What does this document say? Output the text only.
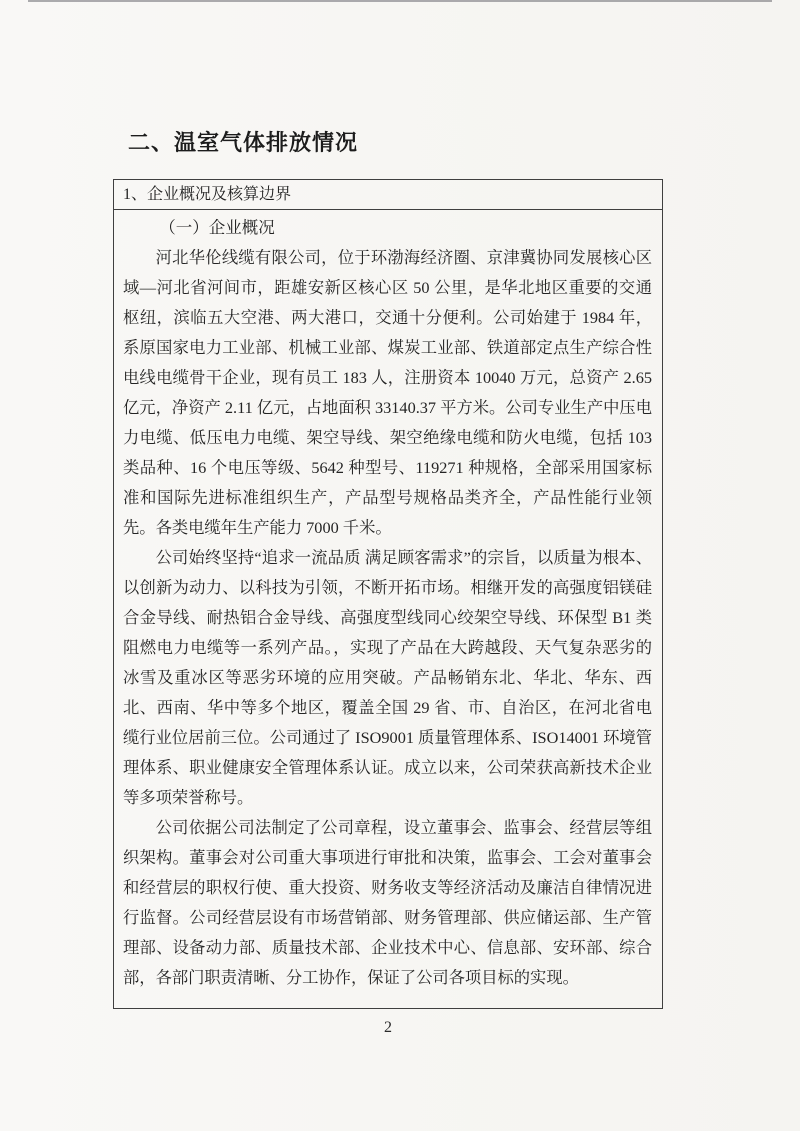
二、温室气体排放情况
1、企业概况及核算边界
（一）企业概况

河北华伦线缆有限公司，位于环渤海经济圈、京津冀协同发展核心区域—河北省河间市，距雄安新区核心区 50 公里，是华北地区重要的交通枢纽，滨临五大空港、两大港口，交通十分便利。公司始建于 1984 年，系原国家电力工业部、机械工业部、煤炭工业部、铁道部定点生产综合性电线电缆骨干企业，现有员工 183 人，注册资本 10040 万元，总资产 2.65 亿元，净资产 2.11 亿元，占地面积 33140.37 平方米。公司专业生产中压电力电缆、低压电力电缆、架空导线、架空绝缘电缆和防火电缆，包括 103 类品种、16 个电压等级、5642 种型号、119271 种规格，全部采用国家标准和国际先进标准组织生产，产品型号规格品类齐全，产品性能行业领先。各类电缆年生产能力 7000 千米。

公司始终坚持“追求一流品质 满足顾客需求”的宗旨，以质量为根本、以创新为动力、以科技为引领，不断开拓市场。相继开发的高强度铝镁硅合金导线、耐热铝合金导线、高强度型线同心绞架空导线、环保型 B1 类阻燃电力电缆等一系列产品。，实现了产品在大跨越段、天气复杂恶劣的冰雪及重冰区等恶劣环境的应用突破。产品畅销东北、华北、华东、西北、西南、华中等多个地区，覆盖全国 29 省、市、自治区，在河北省电缆行业位居前三位。公司通过了 ISO9001 质量管理体系、ISO14001 环境管理体系、职业健康安全管理体系认证。成立以来，公司荣获高新技术企业等多项荣誉称号。

公司依据公司法制定了公司章程，设立董事会、监事会、经营层等组织架构。董事会对公司重大事项进行审批和决策，监事会、工会对董事会和经营层的职权行使、重大投资、财务收支等经济活动及廉洁自律情况进行监督。公司经营层设有市场营销部、财务管理部、供应储运部、生产管理部、设备动力部、质量技术部、企业技术中心、信息部、安环部、综合部，各部门职责清晰、分工协作，保证了公司各项目标的实现。

2
